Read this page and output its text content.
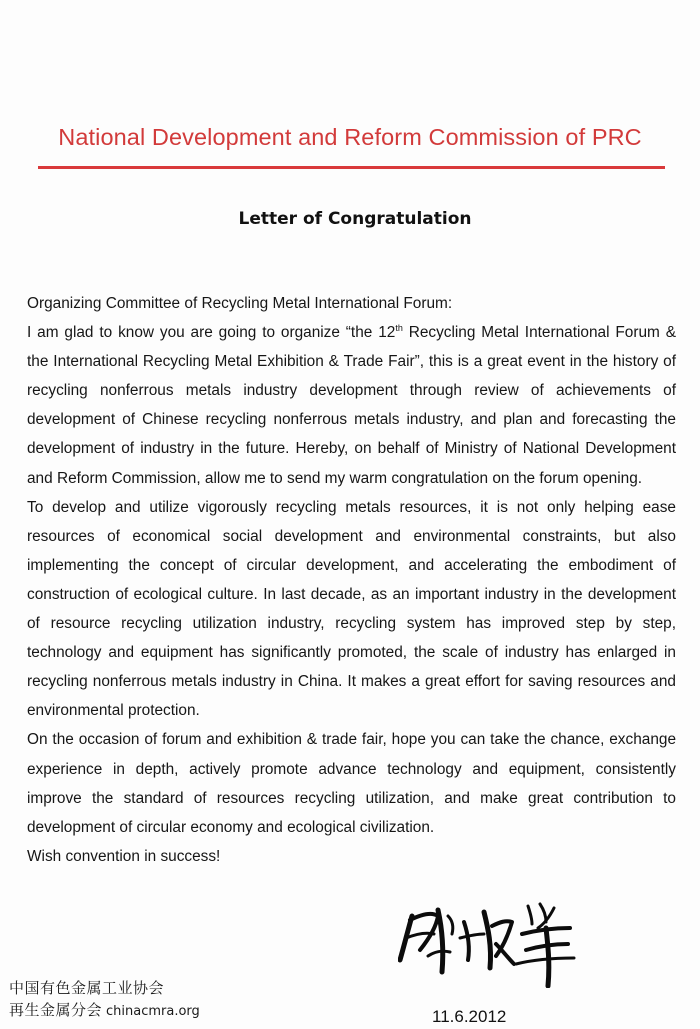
National Development and Reform Commission of PRC
Letter of Congratulation

Organizing Committee of Recycling Metal International Forum:

I am glad to know you are going to organize “the 12th Recycling Metal International Forum & the International Recycling Metal Exhibition & Trade Fair”, this is a great event in the history of recycling nonferrous metals industry development through review of achievements of development of Chinese recycling nonferrous metals industry, and plan and forecasting the development of industry in the future. Hereby, on behalf of Ministry of National Development and Reform Commission, allow me to send my warm congratulation on the forum opening.

To develop and utilize vigorously recycling metals resources, it is not only helping ease resources of economical social development and environmental constraints, but also implementing the concept of circular development, and accelerating the embodiment of construction of ecological culture. In last decade, as an important industry in the development of resource recycling utilization industry, recycling system has improved step by step, technology and equipment has significantly promoted, the scale of industry has enlarged in recycling nonferrous metals industry in China. It makes a great effort for saving resources and environmental protection.

On the occasion of forum and exhibition & trade fair, hope you can take the chance, exchange experience in depth, actively promote advance technology and equipment, consistently improve the standard of resources recycling utilization, and make great contribution to development of circular economy and ecological civilization.

Wish convention in success!

11.6.2012
中国有色金属工业协会
再生金属分会 chinacmra.org
